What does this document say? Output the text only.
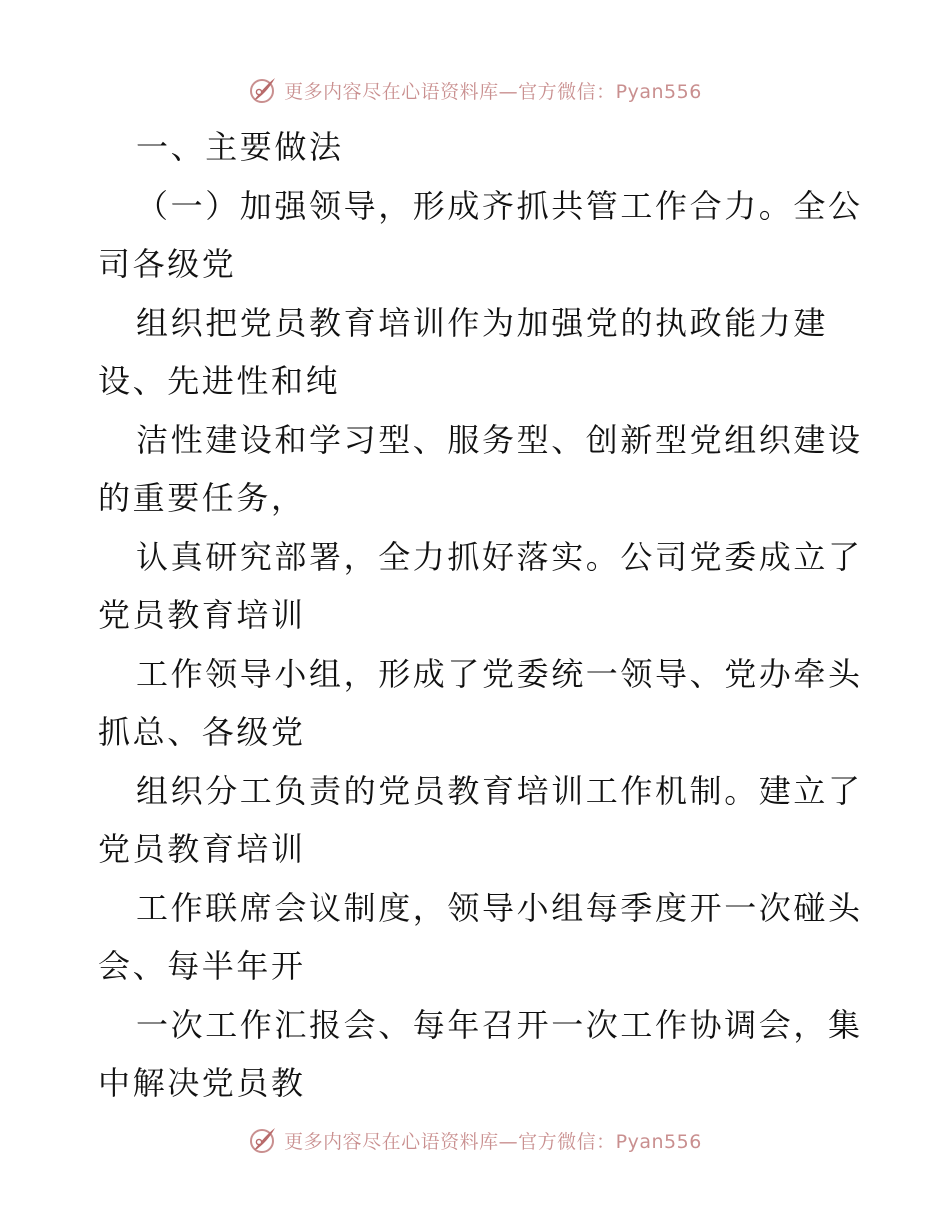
更多内容尽在心语资料库—官方微信：Pyan556
一、主要做法
（一）加强领导，形成齐抓共管工作合力。全公
司各级党
组织把党员教育培训作为加强党的执政能力建
设、先进性和纯
洁性建设和学习型、服务型、创新型党组织建设
的重要任务，
认真研究部署，全力抓好落实。公司党委成立了
党员教育培训
工作领导小组，形成了党委统一领导、党办牵头
抓总、各级党
组织分工负责的党员教育培训工作机制。建立了
党员教育培训
工作联席会议制度，领导小组每季度开一次碰头
会、每半年开
一次工作汇报会、每年召开一次工作协调会，集
中解决党员教
更多内容尽在心语资料库—官方微信：Pyan556
